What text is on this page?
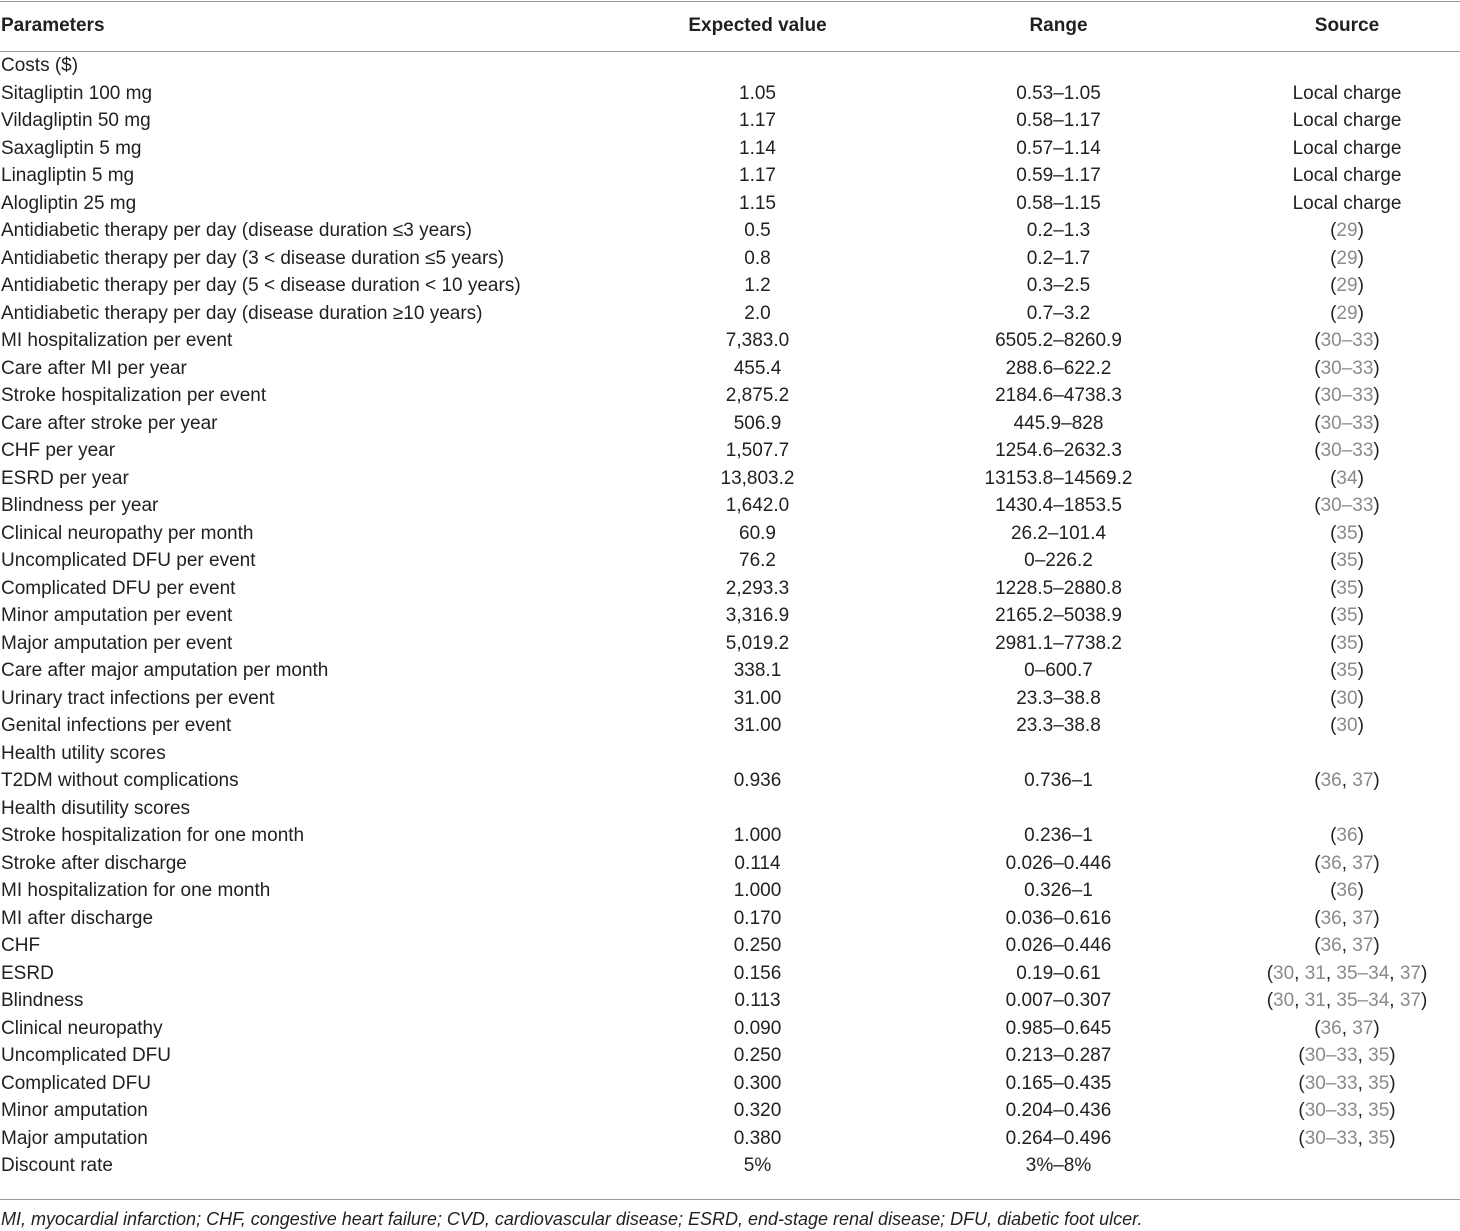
Parameters	Expected value	Range	Source
Costs ($)			
Sitagliptin 100 mg	1.05	0.53–1.05	Local charge
Vildagliptin 50 mg	1.17	0.58–1.17	Local charge
Saxagliptin 5 mg	1.14	0.57–1.14	Local charge
Linagliptin 5 mg	1.17	0.59–1.17	Local charge
Alogliptin 25 mg	1.15	0.58–1.15	Local charge
Antidiabetic therapy per day (disease duration ≤3 years)	0.5	0.2–1.3	(29)
Antidiabetic therapy per day (3 < disease duration ≤5 years)	0.8	0.2–1.7	(29)
Antidiabetic therapy per day (5 < disease duration < 10 years)	1.2	0.3–2.5	(29)
Antidiabetic therapy per day (disease duration ≥10 years)	2.0	0.7–3.2	(29)
MI hospitalization per event	7,383.0	6505.2–8260.9	(30–33)
Care after MI per year	455.4	288.6–622.2	(30–33)
Stroke hospitalization per event	2,875.2	2184.6–4738.3	(30–33)
Care after stroke per year	506.9	445.9–828	(30–33)
CHF per year	1,507.7	1254.6–2632.3	(30–33)
ESRD per year	13,803.2	13153.8–14569.2	(34)
Blindness per year	1,642.0	1430.4–1853.5	(30–33)
Clinical neuropathy per month	60.9	26.2–101.4	(35)
Uncomplicated DFU per event	76.2	0–226.2	(35)
Complicated DFU per event	2,293.3	1228.5–2880.8	(35)
Minor amputation per event	3,316.9	2165.2–5038.9	(35)
Major amputation per event	5,019.2	2981.1–7738.2	(35)
Care after major amputation per month	338.1	0–600.7	(35)
Urinary tract infections per event	31.00	23.3–38.8	(30)
Genital infections per event	31.00	23.3–38.8	(30)
Health utility scores			
T2DM without complications	0.936	0.736–1	(36, 37)
Health disutility scores			
Stroke hospitalization for one month	1.000	0.236–1	(36)
Stroke after discharge	0.114	0.026–0.446	(36, 37)
MI hospitalization for one month	1.000	0.326–1	(36)
MI after discharge	0.170	0.036–0.616	(36, 37)
CHF	0.250	0.026–0.446	(36, 37)
ESRD	0.156	0.19–0.61	(30, 31, 35–34, 37)
Blindness	0.113	0.007–0.307	(30, 31, 35–34, 37)
Clinical neuropathy	0.090	0.985–0.645	(36, 37)
Uncomplicated DFU	0.250	0.213–0.287	(30–33, 35)
Complicated DFU	0.300	0.165–0.435	(30–33, 35)
Minor amputation	0.320	0.204–0.436	(30–33, 35)
Major amputation	0.380	0.264–0.496	(30–33, 35)
Discount rate	5%	3%–8%	
MI, myocardial infarction; CHF, congestive heart failure; CVD, cardiovascular disease; ESRD, end-stage renal disease; DFU, diabetic foot ulcer.
